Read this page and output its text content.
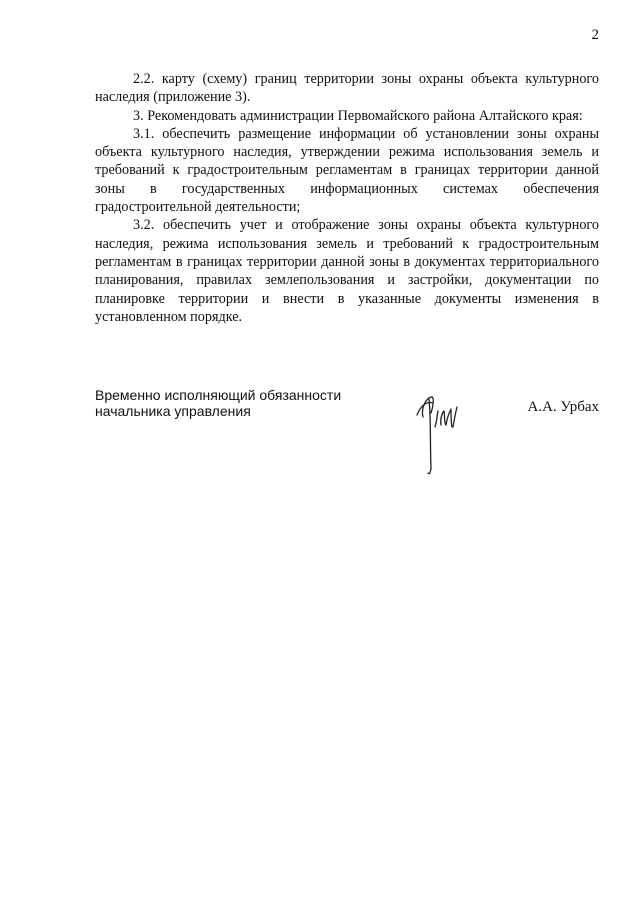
2

2.2. карту (схему) границ территории зоны охраны объекта культурного наследия (приложение 3).

3. Рекомендовать администрации Первомайского района Алтайского края:

3.1. обеспечить размещение информации об установлении зоны охраны объекта культурного наследия, утверждении режима использования земель и требований к градостроительным регламентам в границах территории данной зоны в государственных информационных системах обеспечения градостроительной деятельности;

3.2. обеспечить учет и отображение зоны охраны объекта культурного наследия, режима использования земель и требований к градостроительным регламентам в границах территории данной зоны в документах территориального планирования, правилах землепользования и застройки, документации по планировке территории и внести в указанные документы изменения в установленном порядке.

Временно исполняющий обязанности
начальника управления	А.А. Урбах
